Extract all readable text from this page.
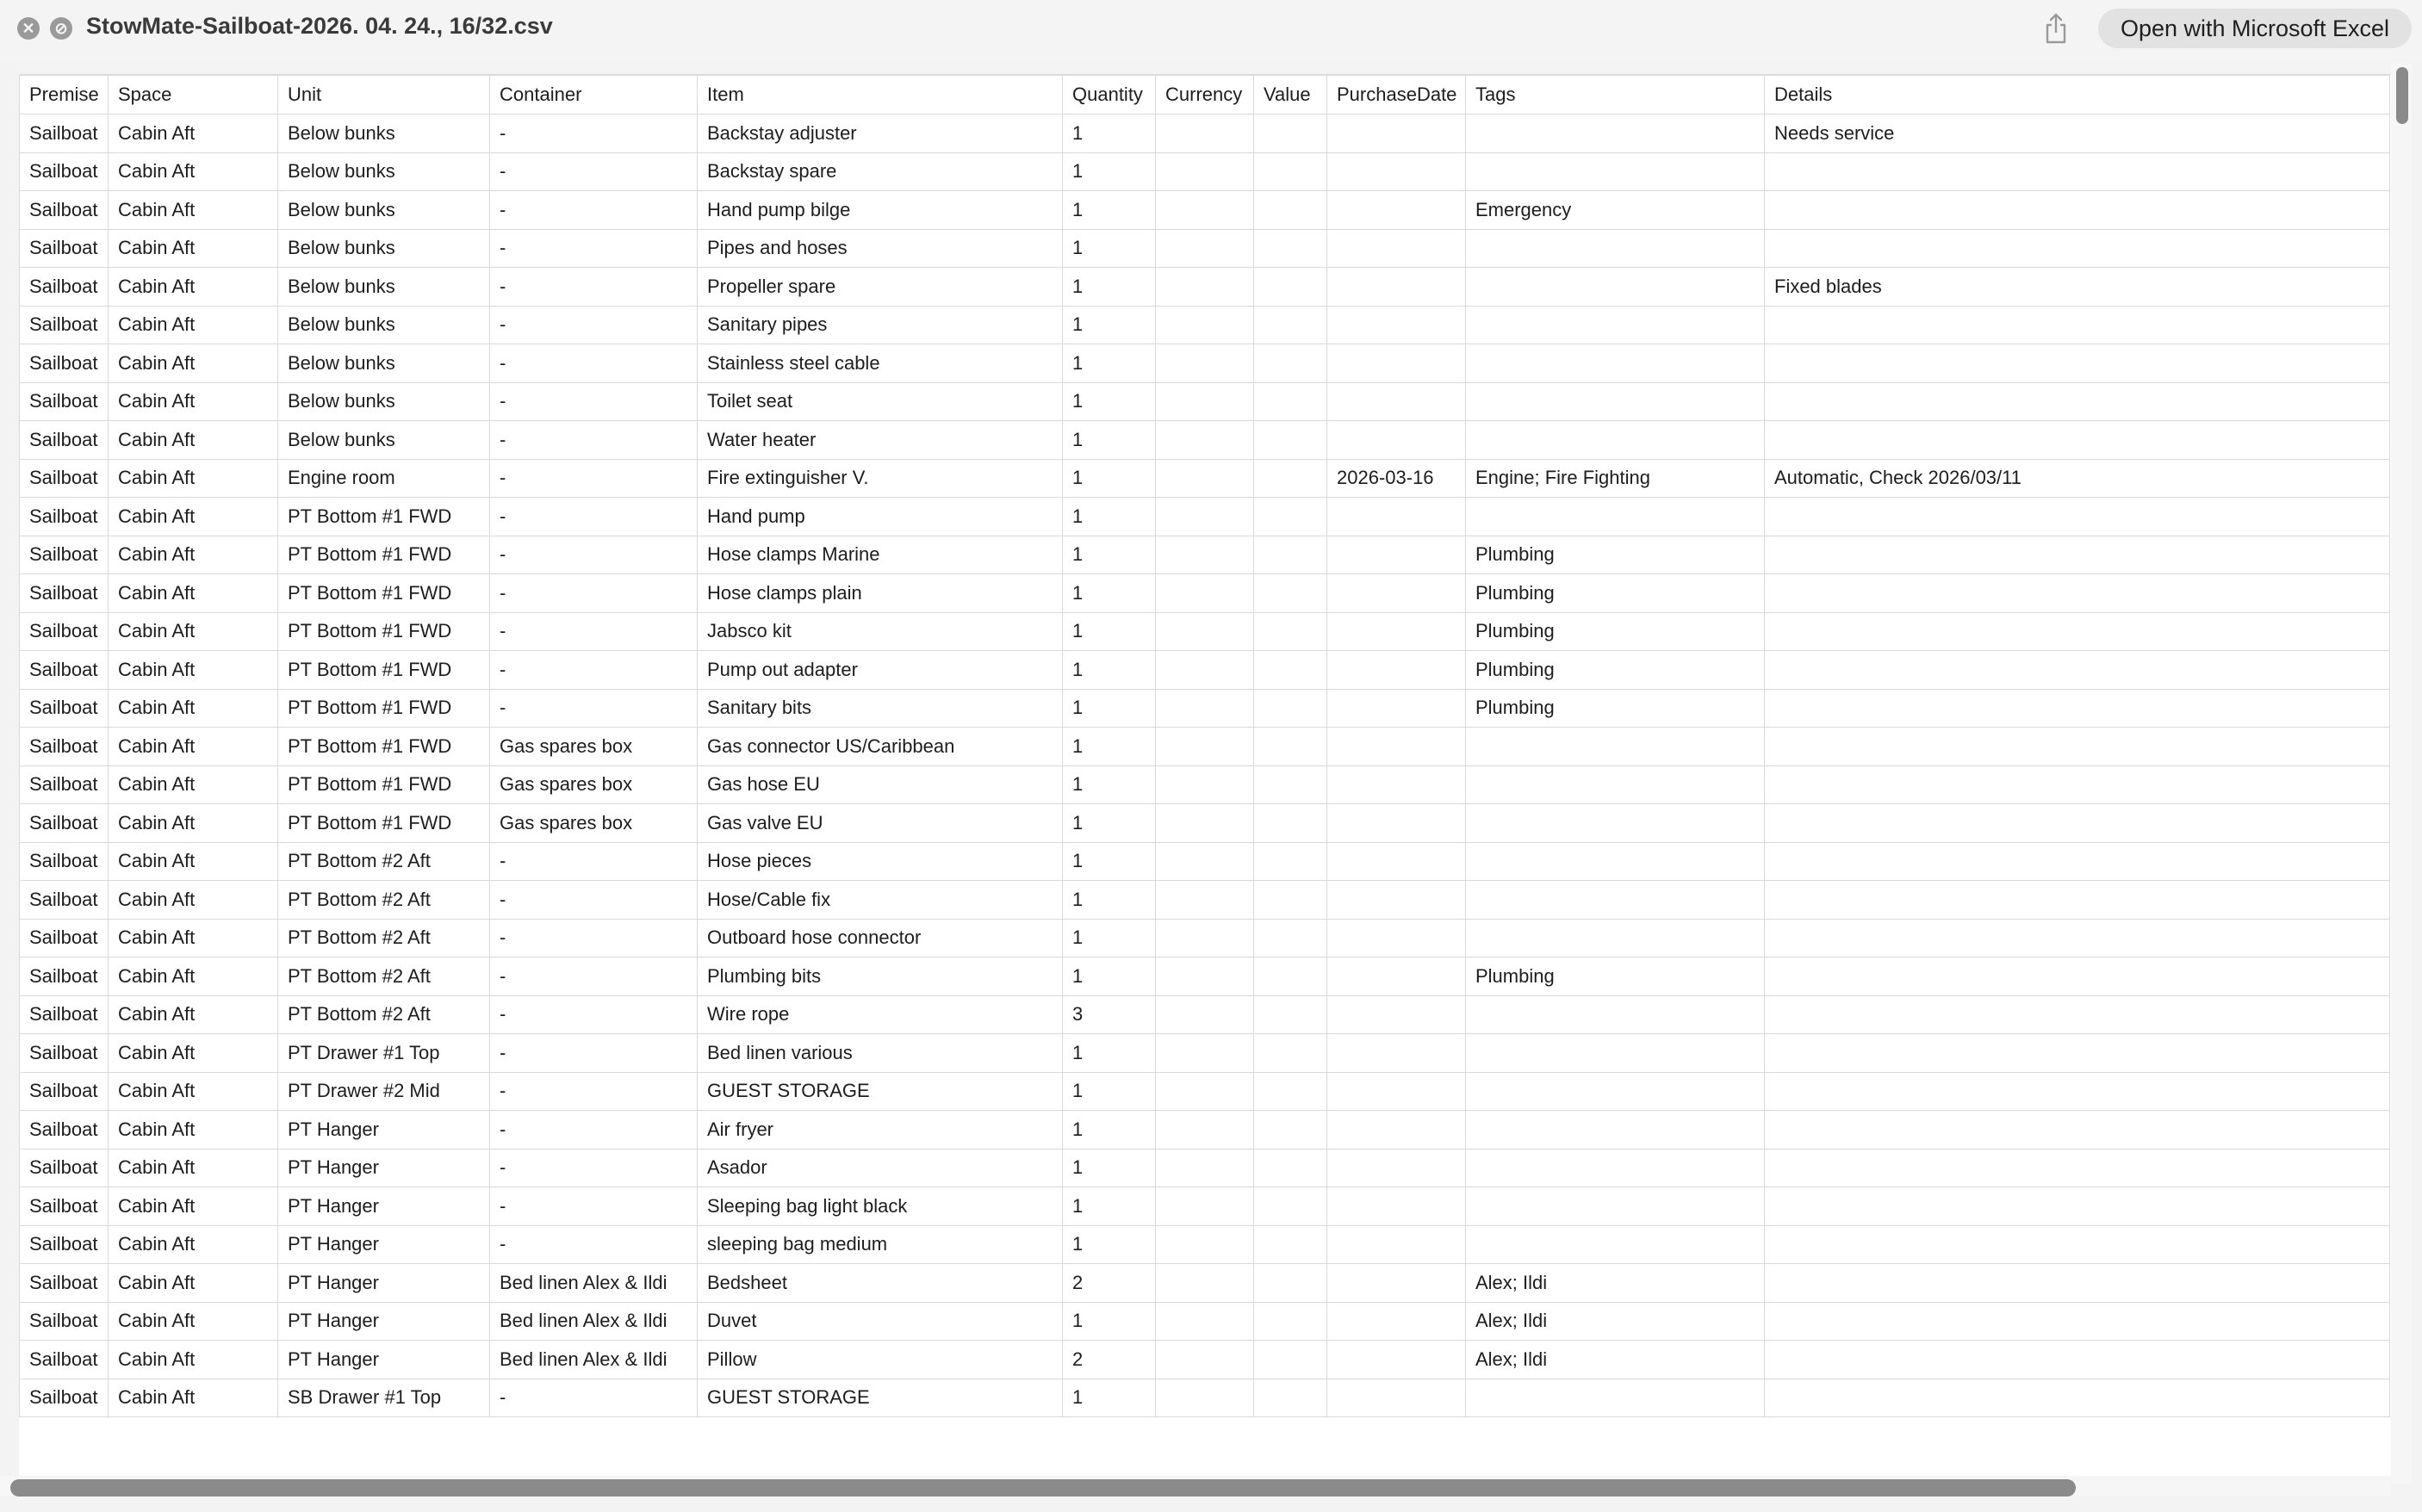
✕	⊘ StowMate-Sailboat-2026. 04. 24., 16/32.csv	Open with Microsoft Excel
Premise	Space	Unit	Container	Item	Quantity	Currency	Value	PurchaseDate	Tags	Details
Sailboat	Cabin Aft	Below bunks	-	Backstay adjuster	1					Needs service
Sailboat	Cabin Aft	Below bunks	-	Backstay spare	1					
Sailboat	Cabin Aft	Below bunks	-	Hand pump bilge	1				Emergency	
Sailboat	Cabin Aft	Below bunks	-	Pipes and hoses	1					
Sailboat	Cabin Aft	Below bunks	-	Propeller spare	1					Fixed blades
Sailboat	Cabin Aft	Below bunks	-	Sanitary pipes	1					
Sailboat	Cabin Aft	Below bunks	-	Stainless steel cable	1					
Sailboat	Cabin Aft	Below bunks	-	Toilet seat	1					
Sailboat	Cabin Aft	Below bunks	-	Water heater	1					
Sailboat	Cabin Aft	Engine room	-	Fire extinguisher V.	1			2026-03-16	Engine; Fire Fighting	Automatic, Check 2026/03/11
Sailboat	Cabin Aft	PT Bottom #1 FWD	-	Hand pump	1					
Sailboat	Cabin Aft	PT Bottom #1 FWD	-	Hose clamps Marine	1				Plumbing	
Sailboat	Cabin Aft	PT Bottom #1 FWD	-	Hose clamps plain	1				Plumbing	
Sailboat	Cabin Aft	PT Bottom #1 FWD	-	Jabsco kit	1				Plumbing	
Sailboat	Cabin Aft	PT Bottom #1 FWD	-	Pump out adapter	1				Plumbing	
Sailboat	Cabin Aft	PT Bottom #1 FWD	-	Sanitary bits	1				Plumbing	
Sailboat	Cabin Aft	PT Bottom #1 FWD	Gas spares box	Gas connector US/Caribbean	1					
Sailboat	Cabin Aft	PT Bottom #1 FWD	Gas spares box	Gas hose EU	1					
Sailboat	Cabin Aft	PT Bottom #1 FWD	Gas spares box	Gas valve EU	1					
Sailboat	Cabin Aft	PT Bottom #2 Aft	-	Hose pieces	1					
Sailboat	Cabin Aft	PT Bottom #2 Aft	-	Hose/Cable fix	1					
Sailboat	Cabin Aft	PT Bottom #2 Aft	-	Outboard hose connector	1					
Sailboat	Cabin Aft	PT Bottom #2 Aft	-	Plumbing bits	1				Plumbing	
Sailboat	Cabin Aft	PT Bottom #2 Aft	-	Wire rope	3					
Sailboat	Cabin Aft	PT Drawer #1 Top	-	Bed linen various	1					
Sailboat	Cabin Aft	PT Drawer #2 Mid	-	GUEST STORAGE	1					
Sailboat	Cabin Aft	PT Hanger	-	Air fryer	1					
Sailboat	Cabin Aft	PT Hanger	-	Asador	1					
Sailboat	Cabin Aft	PT Hanger	-	Sleeping bag light black	1					
Sailboat	Cabin Aft	PT Hanger	-	sleeping bag medium	1					
Sailboat	Cabin Aft	PT Hanger	Bed linen Alex & Ildi	Bedsheet	2				Alex; Ildi	
Sailboat	Cabin Aft	PT Hanger	Bed linen Alex & Ildi	Duvet	1				Alex; Ildi	
Sailboat	Cabin Aft	PT Hanger	Bed linen Alex & Ildi	Pillow	2				Alex; Ildi	
Sailboat	Cabin Aft	SB Drawer #1 Top	-	GUEST STORAGE	1					
